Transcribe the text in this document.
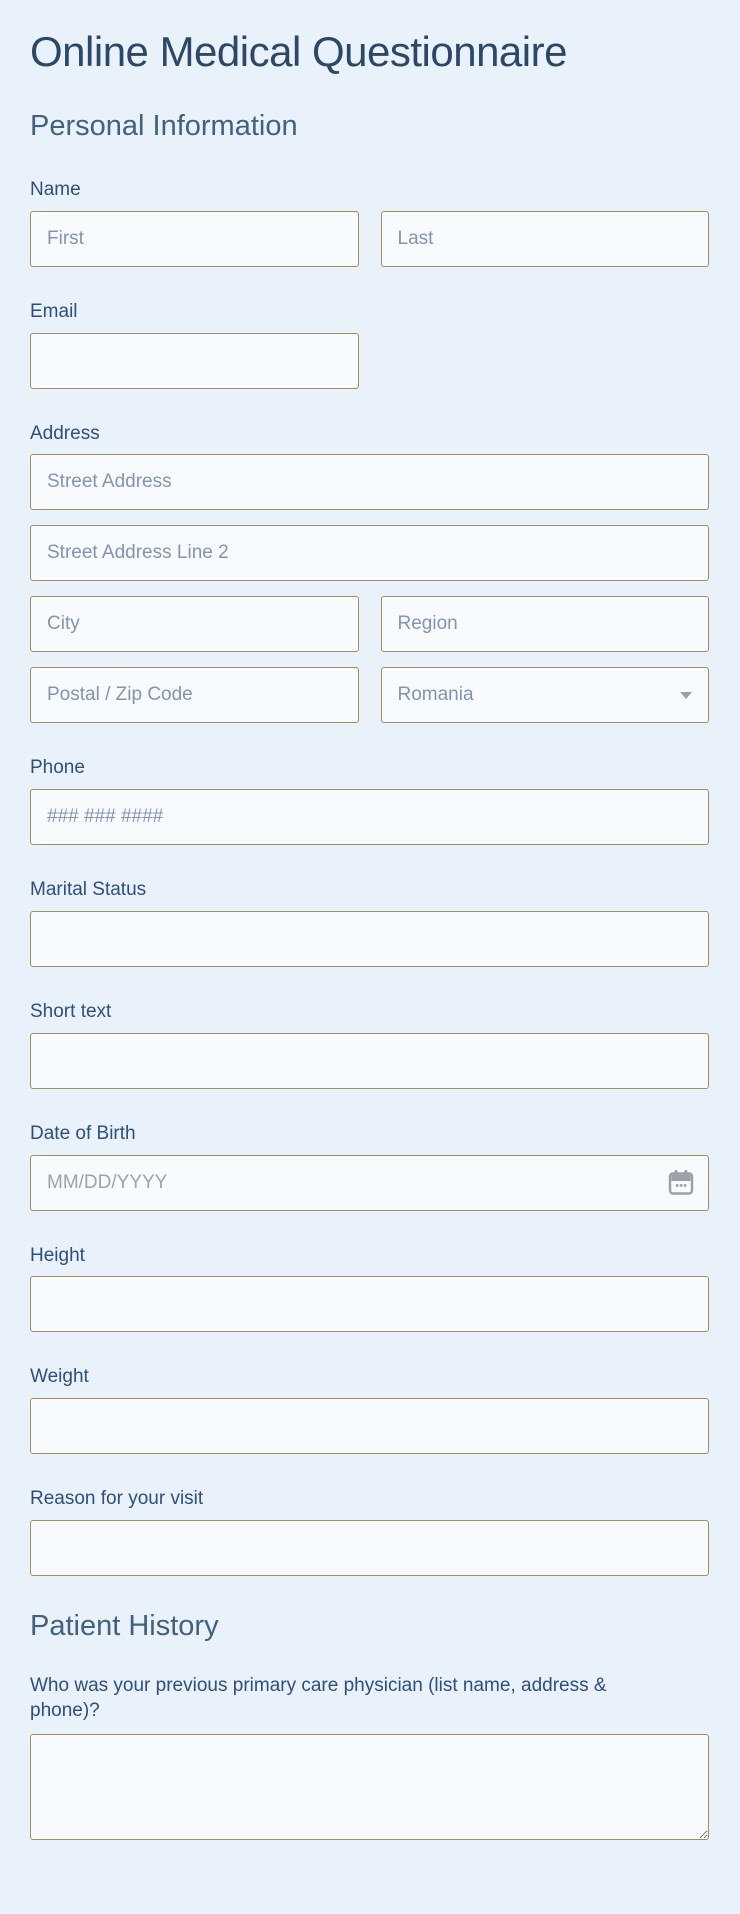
Online Medical Questionnaire
Personal Information
Name
First
Last
Email
Address
Street Address
Street Address Line 2
City
Region
Postal / Zip Code
Romania
Phone
### ### ####
Marital Status
Short text
Date of Birth
MM/DD/YYYY
Height
Weight
Reason for your visit
Patient History
Who was your previous primary care physician (list name, address & phone)?
